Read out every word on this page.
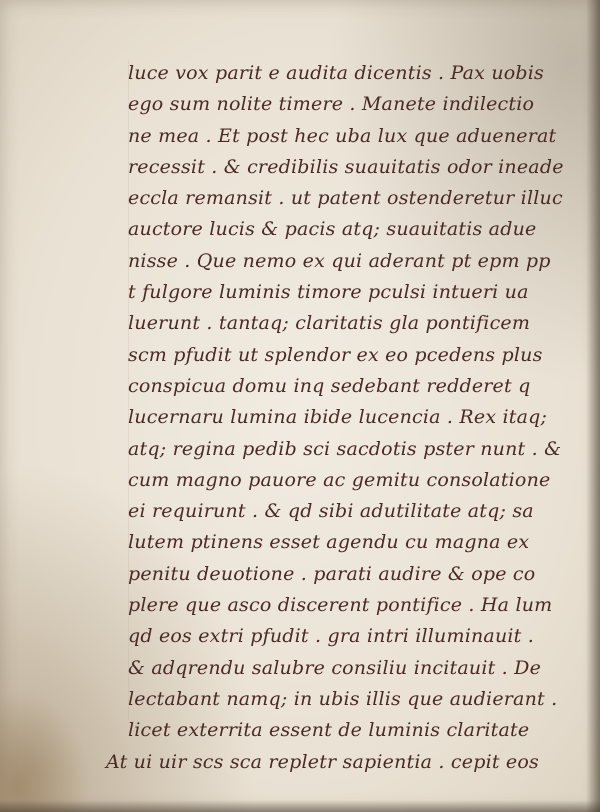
luce vox parit e audita dicentis . Pax uobis
ego sum nolite timere . Manete indilectio
ne mea . Et post hec uba lux que aduenerat
recessit . & credibilis suauitatis odor ineade
eccla remansit . ut patent ostenderetur illuc
auctore lucis & pacis atq; suauitatis adue
nisse . Que nemo ex qui aderant pt epm pp
t fulgore luminis timore pculsi intueri ua
luerunt . tantaq; claritatis gla pontificem
scm pfudit ut splendor ex eo pcedens plus
conspicua domu inq sedebant redderet q
lucernaru lumina ibide lucencia . Rex itaq;
atq; regina pedib sci sacdotis pster nunt . &
cum magno pauore ac gemitu consolatione
ei requirunt . & qd sibi adutilitate atq; sa
lutem ptinens esset agendu cu magna ex
penitu deuotione . parati audire & ope co
plere que asco discerent pontifice . Ha lum
qd eos extri pfudit . gra intri illuminauit .
& adqrendu salubre consiliu incitauit . De
lectabant namq; in ubis illis que audierant .
licet exterrita essent de luminis claritate
At ui uir scs sca repletr sapientia . cepit eos
